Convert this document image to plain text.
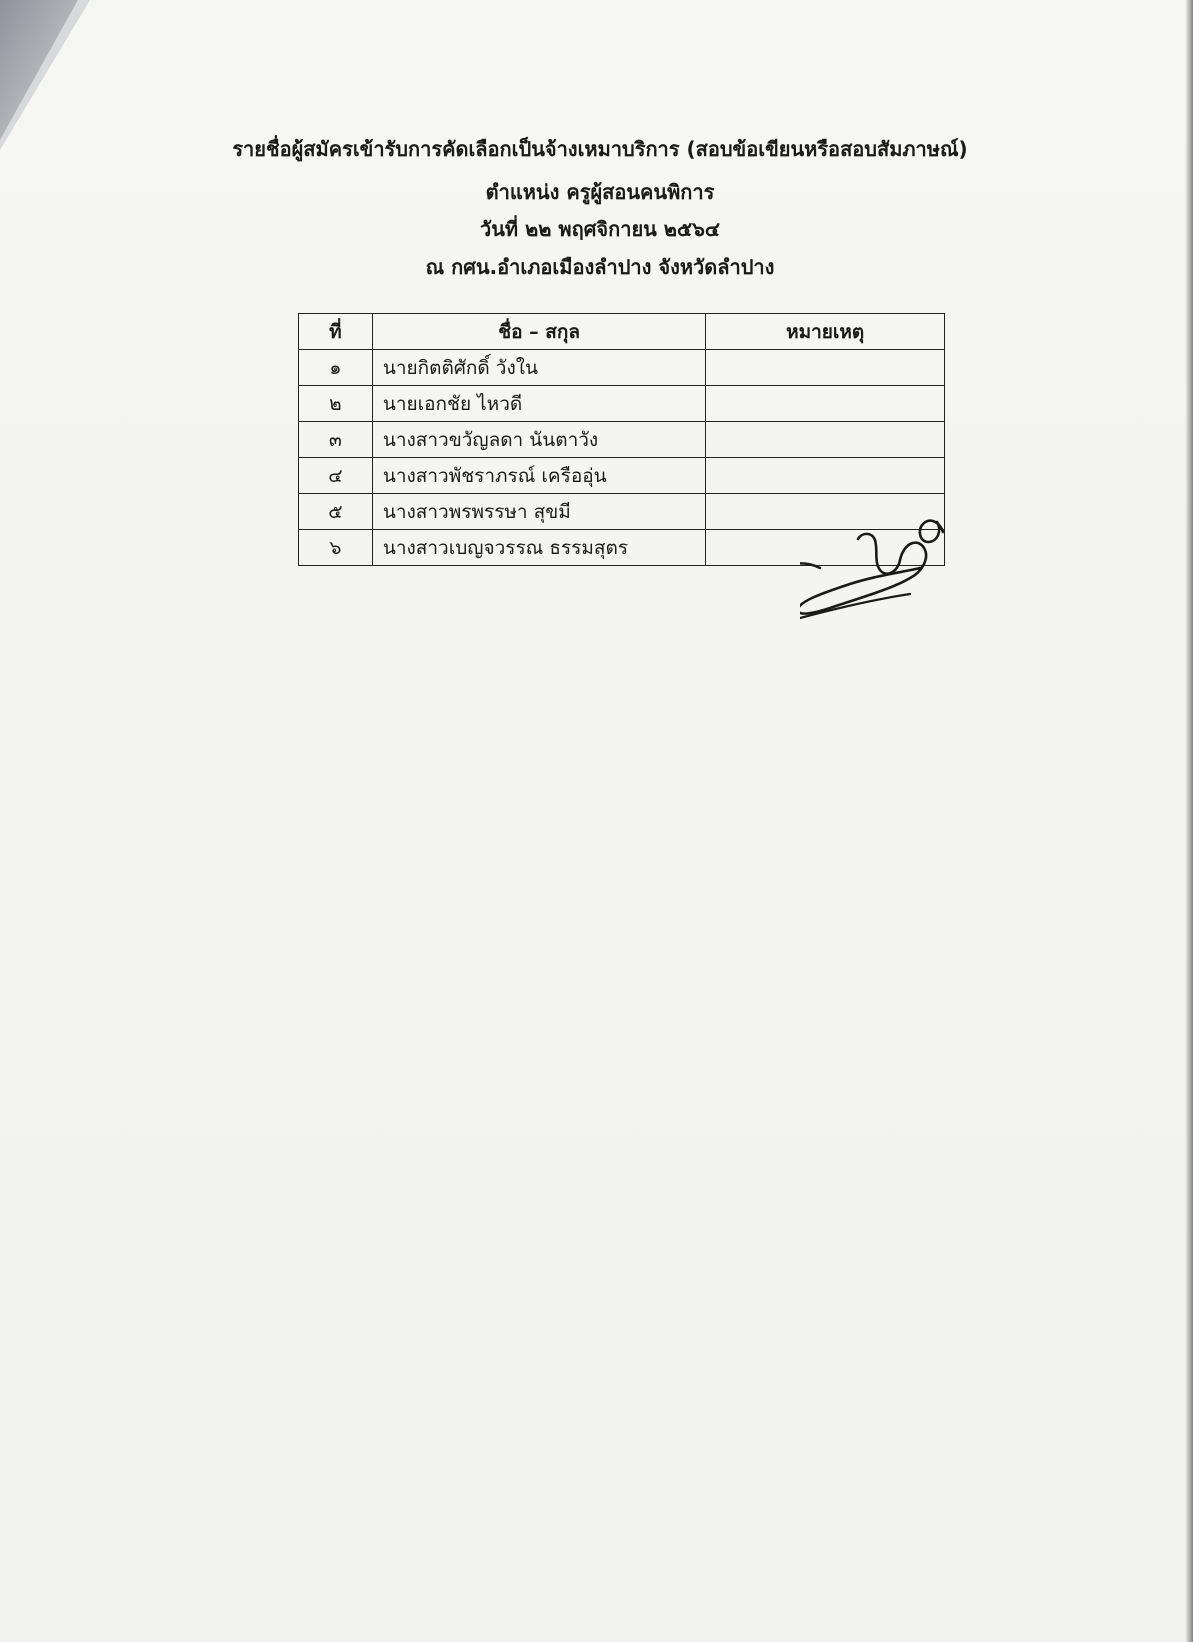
รายชื่อผู้สมัครเข้ารับการคัดเลือกเป็นจ้างเหมาบริการ (สอบข้อเขียนหรือสอบสัมภาษณ์)
ตำแหน่ง ครูผู้สอนคนพิการ
วันที่ ๒๒ พฤศจิกายน ๒๕๖๔
ณ กศน.อำเภอเมืองลำปาง จังหวัดลำปาง
ที่	ชื่อ – สกุล	หมายเหตุ
๑	นายกิตติศักดิ์ วังใน	
๒	นายเอกชัย ไหวดี	
๓	นางสาวขวัญลดา นันตาวัง	
๔	นางสาวพัชราภรณ์ เครืออุ่น	
๕	นางสาวพรพรรษา สุขมี	
๖	นางสาวเบญจวรรณ ธรรมสุตร	
